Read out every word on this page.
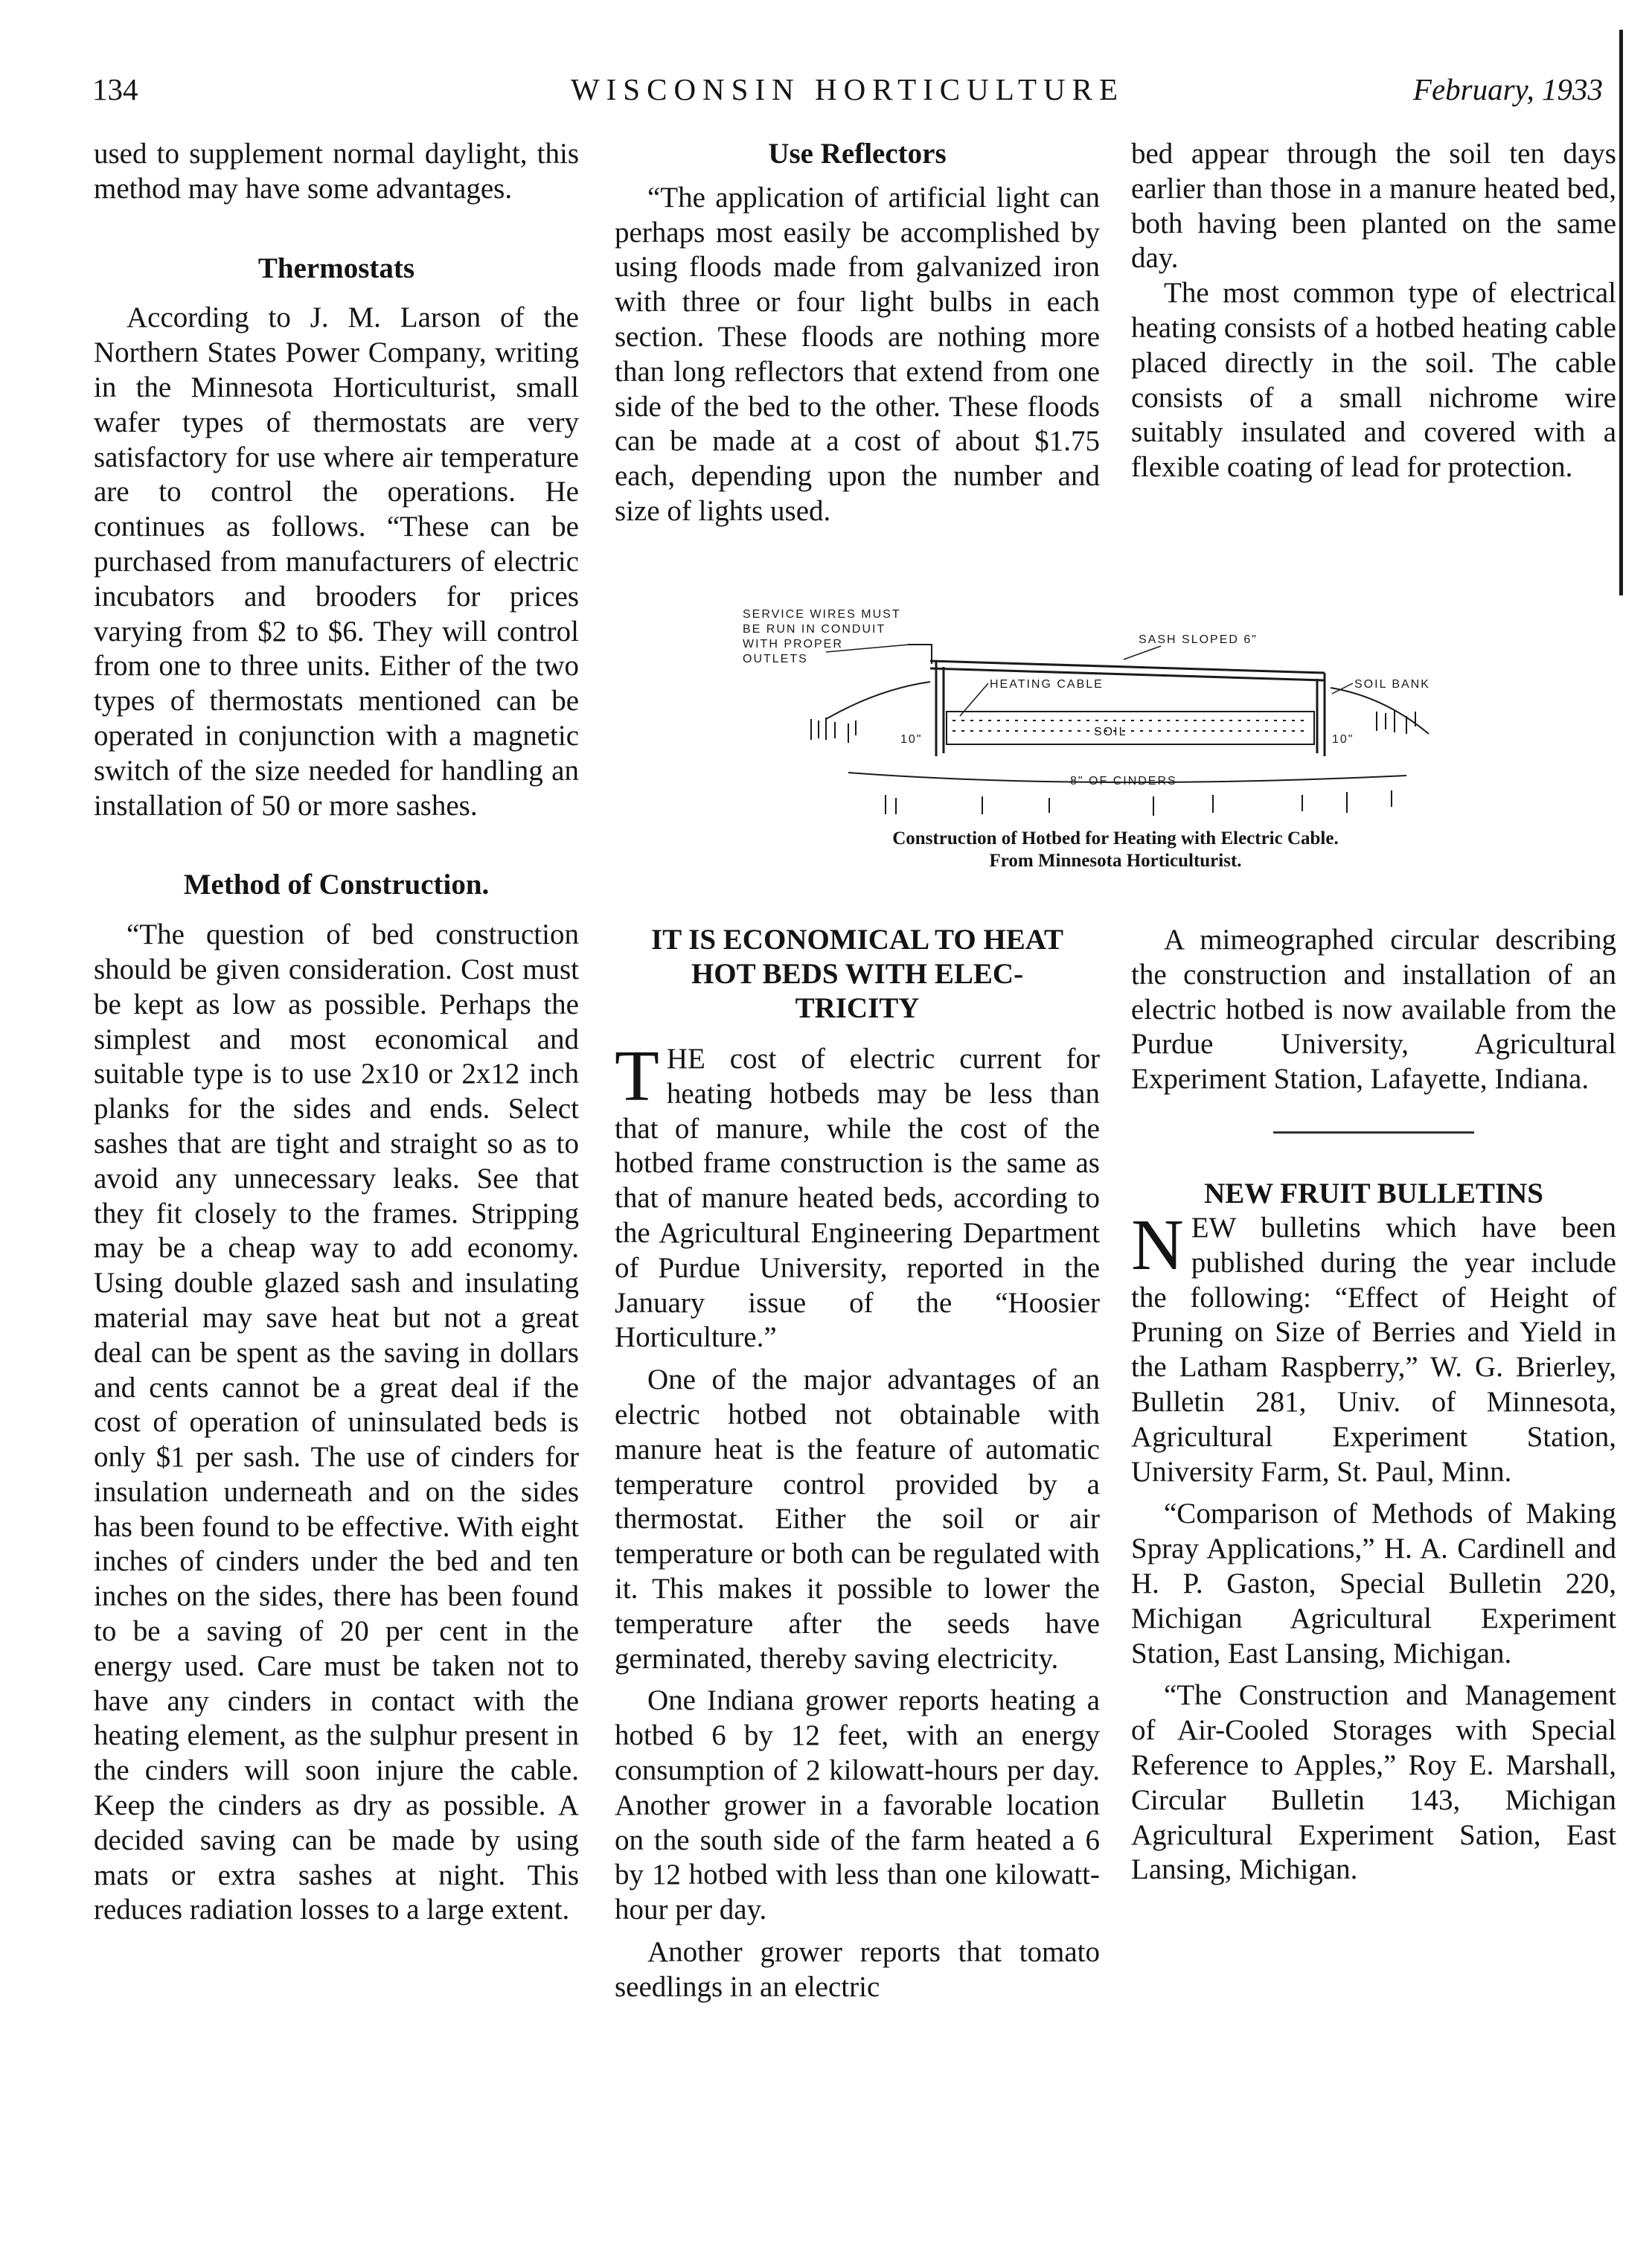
134	WISCONSIN HORTICULTURE	February, 1933

used to supplement normal daylight, this method may have some advantages.

Thermostats

According to J. M. Larson of the Northern States Power Company, writing in the Minnesota Horticulturist, small wafer types of thermostats are very satisfactory for use where air temperature are to control the operations. He continues as follows. “These can be purchased from manufacturers of electric incubators and brooders for prices varying from $2 to $6. They will control from one to three units. Either of the two types of thermostats mentioned can be operated in conjunction with a magnetic switch of the size needed for handling an installation of 50 or more sashes.

Method of Construction.

“The question of bed construction should be given consideration. Cost must be kept as low as possible. Perhaps the simplest and most economical and suitable type is to use 2x10 or 2x12 inch planks for the sides and ends. Select sashes that are tight and straight so as to avoid any unnecessary leaks. See that they fit closely to the frames. Stripping may be a cheap way to add economy. Using double glazed sash and insulating material may save heat but not a great deal can be spent as the saving in dollars and cents cannot be a great deal if the cost of operation of uninsulated beds is only $1 per sash. The use of cinders for insulation underneath and on the sides has been found to be effective. With eight inches of cinders under the bed and ten inches on the sides, there has been found to be a saving of 20 per cent in the energy used. Care must be taken not to have any cinders in contact with the heating element, as the sulphur present in the cinders will soon injure the cable. Keep the cinders as dry as possible. A decided saving can be made by using mats or extra sashes at night. This reduces radiation losses to a large extent.

Use Reflectors

“The application of artificial light can perhaps most easily be accomplished by using floods made from galvanized iron with three or four light bulbs in each section. These floods are nothing more than long reflectors that extend from one side of the bed to the other. These floods can be made at a cost of about $1.75 each, depending upon the number and size of lights used.

bed appear through the soil ten days earlier than those in a manure heated bed, both having been planted on the same day.

The most common type of electrical heating consists of a hotbed heating cable placed directly in the soil. The cable consists of a small nichrome wire suitably insulated and covered with a flexible coating of lead for protection.

SERVICE WIRES MUST
BE RUN IN CONDUIT
WITH PROPER
OUTLETS
SASH SLOPED 6"
HEATING CABLE	SOIL BANK
SOIL
8" OF CINDERS
10"	10"
Construction of Hotbed for Heating with Electric Cable.
From Minnesota Horticulturist.
IT IS ECONOMICAL TO HEAT
HOT BEDS WITH ELEC-
TRICITY

THE cost of electric current for heating hotbeds may be less than that of manure, while the cost of the hotbed frame construction is the same as that of manure heated beds, according to the Agricultural Engineering Department of Purdue University, reported in the January issue of the “Hoosier Horticulture.”

One of the major advantages of an electric hotbed not obtainable with manure heat is the feature of automatic temperature control provided by a thermostat. Either the soil or air temperature or both can be regulated with it. This makes it possible to lower the temperature after the seeds have germinated, thereby saving electricity.

One Indiana grower reports heating a hotbed 6 by 12 feet, with an energy consumption of 2 kilowatt-hours per day. Another grower in a favorable location on the south side of the farm heated a 6 by 12 hotbed with less than one kilowatt-hour per day.

Another grower reports that tomato seedlings in an electric

A mimeographed circular describing the construction and installation of an electric hotbed is now available from the Purdue University, Agricultural Experiment Station, Lafayette, Indiana.

NEW FRUIT BULLETINS

NEW bulletins which have been published during the year include the following: “Effect of Height of Pruning on Size of Berries and Yield in the Latham Raspberry,” W. G. Brierley, Bulletin 281, Univ. of Minnesota, Agricultural Experiment Station, University Farm, St. Paul, Minn.

“Comparison of Methods of Making Spray Applications,” H. A. Cardinell and H. P. Gaston, Special Bulletin 220, Michigan Agricultural Experiment Station, East Lansing, Michigan.

“The Construction and Management of Air-Cooled Storages with Special Reference to Apples,” Roy E. Marshall, Circular Bulletin 143, Michigan Agricultural Experiment Sation, East Lansing, Michigan.
